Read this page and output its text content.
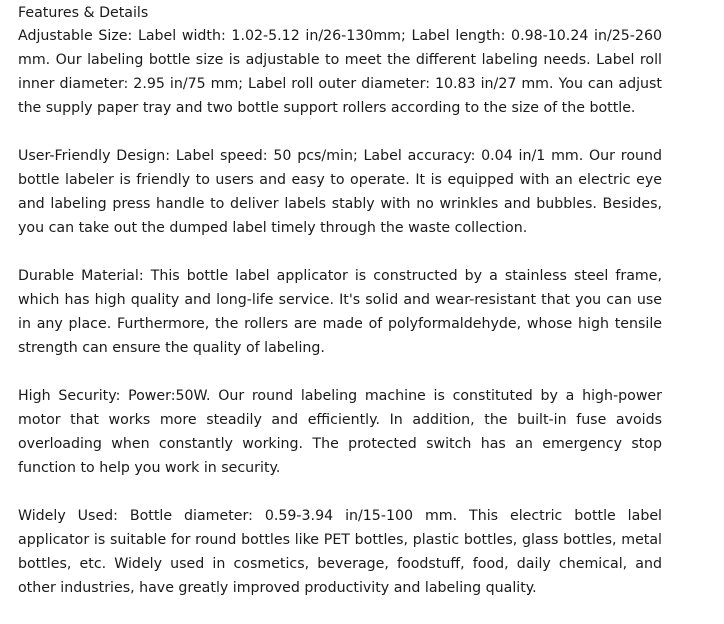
Features & Details

Adjustable Size: Label width: 1.02-5.12 in/26-130mm; Label length: 0.98-10.24 in/25-260 mm. Our labeling bottle size is adjustable to meet the different labeling needs. Label roll inner diameter: 2.95 in/75 mm; Label roll outer diameter: 10.83 in/27 mm. You can adjust the supply paper tray and two bottle support rollers according to the size of the bottle.

User-Friendly Design: Label speed: 50 pcs/min; Label accuracy: 0.04 in/1 mm. Our round bottle labeler is friendly to users and easy to operate. It is equipped with an electric eye and labeling press handle to deliver labels stably with no wrinkles and bubbles. Besides, you can take out the dumped label timely through the waste collection.

Durable Material: This bottle label applicator is constructed by a stainless steel frame, which has high quality and long-life service. It's solid and wear-resistant that you can use in any place. Furthermore, the rollers are made of polyformaldehyde, whose high tensile strength can ensure the quality of labeling.

High Security: Power:50W. Our round labeling machine is constituted by a high-power motor that works more steadily and efficiently. In addition, the built-in fuse avoids overloading when constantly working. The protected switch has an emergency stop function to help you work in security.

Widely Used: Bottle diameter: 0.59-3.94 in/15-100 mm. This electric bottle label applicator is suitable for round bottles like PET bottles, plastic bottles, glass bottles, metal bottles, etc. Widely used in cosmetics, beverage, foodstuff, food, daily chemical, and other industries, have greatly improved productivity and labeling quality.
